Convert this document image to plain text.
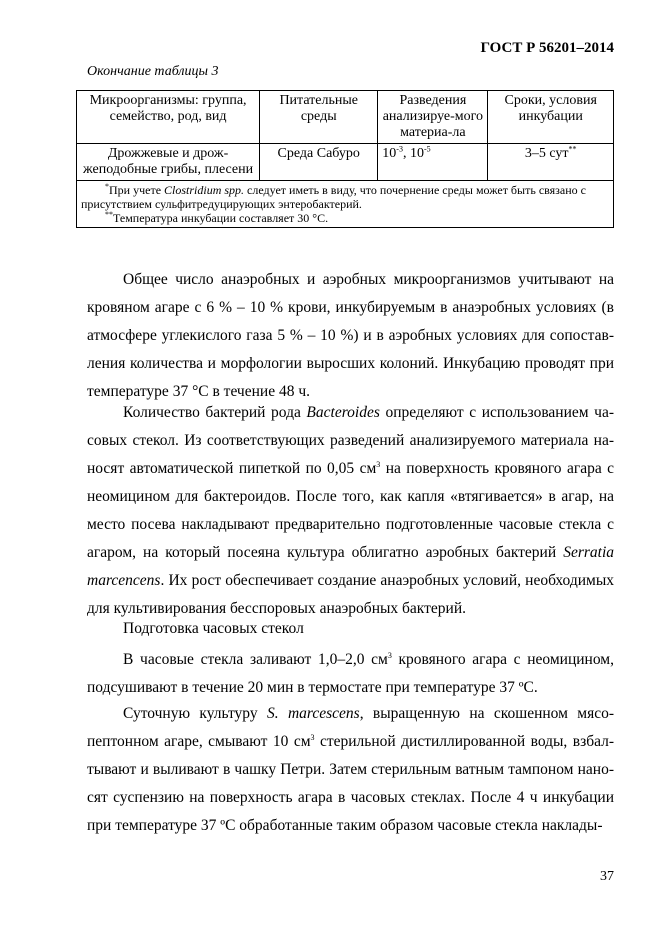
ГОСТ Р 56201–2014
Окончание таблицы 3
Микроорганизмы: группа, семейство, род, вид	Питательные среды	Разведения анализируе-мого материа-ла	Сроки, условия инкубации
Дрожжевые и дрож-жеподобные грибы, плесени	Среда Сабуро	$10^{-3}$, $10^{-5}$	3–5 сут**

*При учете Clostridium spp. следует иметь в виду, что почернение среды может быть связано с присутствием сульфитредуцирующих энтеробактерий.
**Температура инкубации составляет 30 °С.			

Общее число анаэробных и аэробных микроорганизмов учитывают на кровяном агаре с 6 % – 10 % крови, инкубируемым в анаэробных условиях (в атмосфере углекислого газа 5 % – 10 %) и в аэробных условиях для сопостав-ления количества и морфологии выросших колоний. Инкубацию проводят при температуре 37 °С в течение 48 ч.

Количество бактерий рода Bacteroides определяют с использованием ча-совых стекол. Из соответствующих разведений анализируемого материала на-носят автоматической пипеткой по 0,05 $см^3$ на поверхность кровяного агара с неомицином для бактероидов. После того, как капля «втягивается» в агар, на место посева накладывают предварительно подготовленные часовые стекла с агаром, на который посеяна культура облигатно аэробных бактерий Serratia marcencens. Их рост обеспечивает создание анаэробных условий, необходимых для культивирования бесспоровых анаэробных бактерий.

Подготовка часовых стекол

В часовые стекла заливают 1,0–2,0 $см^3$ кровяного агара с неомицином, подсушивают в течение 20 мин в термостате при температуре 37 ºС.

Суточную культуру S. marcescens, выращенную на скошенном мясо-пептонном агаре, смывают 10 $см^3$ стерильной дистиллированной воды, взбал-тывают и выливают в чашку Петри. Затем стерильным ватным тампоном нано-сят суспензию на поверхность агара в часовых стеклах. После 4 ч инкубации при температуре 37 ºС обработанные таким образом часовые стекла наклады-

37
